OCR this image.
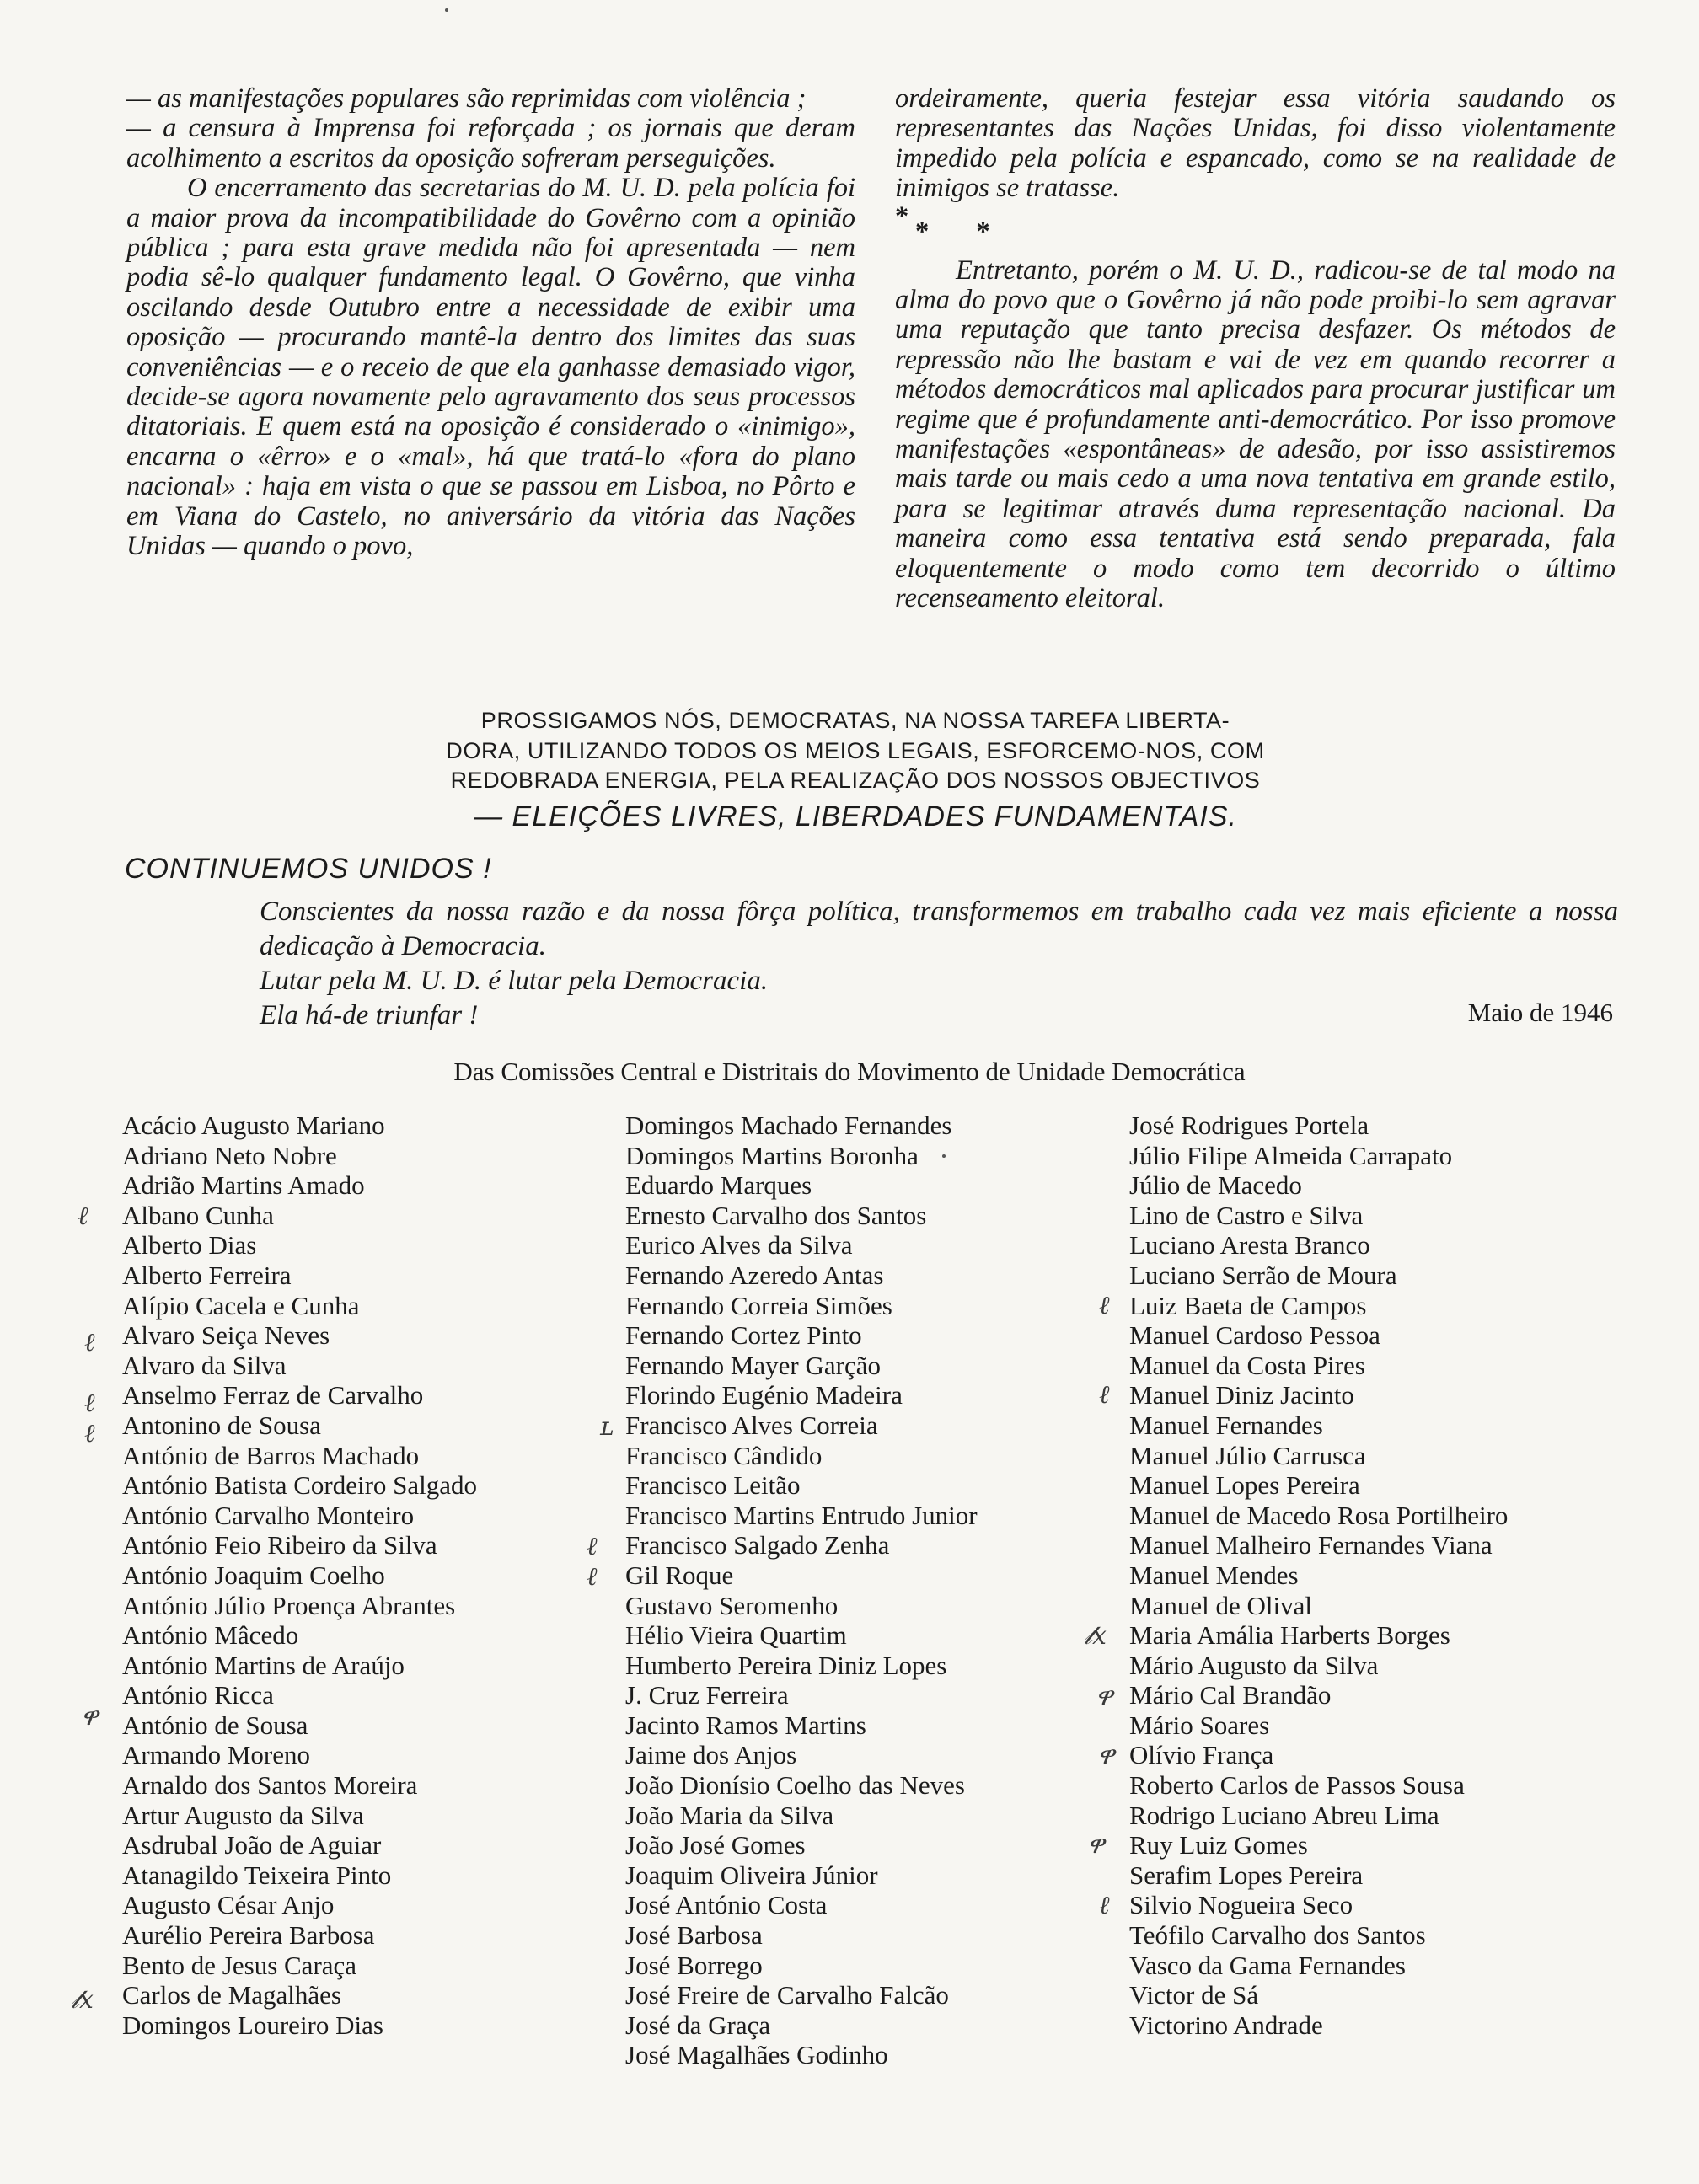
— as manifestações populares são reprimidas com violência ;

— a censura à Imprensa foi reforçada ; os jornais que deram acolhimento a escritos da oposição sofreram perseguições.

O encerramento das secretarias do M. U. D. pela polícia foi a maior prova da incompatibilidade do Govêrno com a opinião pública ; para esta grave medida não foi apresentada — nem podia sê-lo qualquer fundamento legal. O Govêrno, que vinha oscilando desde Outubro entre a necessidade de exibir uma oposição — procurando mantê-la dentro dos limites das suas conveniências — e o receio de que ela ganhasse demasiado vigor, decide-se agora novamente pelo agravamento dos seus processos ditatoriais. E quem está na oposição é considerado o «inimigo», encarna o «êrro» e o «mal», há que tratá-lo «fora do plano nacional» : haja em vista o que se passou em Lisboa, no Pôrto e em Viana do Castelo, no aniversário da vitória das Nações Unidas — quando o povo,

ordeiramente, queria festejar essa vitória saudando os representantes das Nações Unidas, foi disso violentamente impedido pela polícia e espancado, como se na realidade de inimigos se tratasse.

* * *

Entretanto, porém o M. U. D., radicou-se de tal modo na alma do povo que o Govêrno já não pode proibi-lo sem agravar uma reputação que tanto precisa desfazer. Os métodos de repressão não lhe bastam e vai de vez em quando recorrer a métodos democráticos mal aplicados para procurar justificar um regime que é profundamente anti-democrático. Por isso promove manifestações «espontâneas» de adesão, por isso assistiremos mais tarde ou mais cedo a uma nova tentativa em grande estilo, para se legitimar através duma representação nacional. Da maneira como essa tentativa está sendo preparada, fala eloquentemente o modo como tem decorrido o último recenseamento eleitoral.

PROSSIGAMOS NÓS, DEMOCRATAS, NA NOSSA TAREFA LIBERTA-
DORA, UTILIZANDO TODOS OS MEIOS LEGAIS, ESFORCEMO-NOS, COM
REDOBRADA ENERGIA, PELA REALIZAÇÃO DOS NOSSOS OBJECTIVOS
— ELEIÇÕES LIVRES, LIBERDADES FUNDAMENTAIS.
CONTINUEMOS UNIDOS !

Conscientes da nossa razão e da nossa fôrça política, transformemos em trabalho cada vez mais eficiente a nossa dedicação à Democracia.

Lutar pela M. U. D. é lutar pela Democracia.

Ela há-de triunfar !	Maio de 1946
Das Comissões Central e Distritais do Movimento de Unidade Democrática
Acácio Augusto Mariano
Adriano Neto Nobre
Adrião Martins Amado
Albano Cunha
Alberto Dias
Alberto Ferreira
Alípio Cacela e Cunha
Alvaro Seiça Neves
Alvaro da Silva
Anselmo Ferraz de Carvalho
Antonino de Sousa
António de Barros Machado
António Batista Cordeiro Salgado
António Carvalho Monteiro
António Feio Ribeiro da Silva
António Joaquim Coelho
António Júlio Proença Abrantes
António Mâcedo
António Martins de Araújo
António Ricca
António de Sousa
Armando Moreno
Arnaldo dos Santos Moreira
Artur Augusto da Silva
Asdrubal João de Aguiar
Atanagildo Teixeira Pinto
Augusto César Anjo
Aurélio Pereira Barbosa
Bento de Jesus Caraça
Carlos de Magalhães
Domingos Loureiro Dias
Domingos Machado Fernandes
Domingos Martins Boronha
Eduardo Marques
Ernesto Carvalho dos Santos
Eurico Alves da Silva
Fernando Azeredo Antas
Fernando Correia Simões
Fernando Cortez Pinto
Fernando Mayer Garção
Florindo Eugénio Madeira
Francisco Alves Correia
Francisco Cândido
Francisco Leitão
Francisco Martins Entrudo Junior
Francisco Salgado Zenha
Gil Roque
Gustavo Seromenho
Hélio Vieira Quartim
Humberto Pereira Diniz Lopes
J. Cruz Ferreira
Jacinto Ramos Martins
Jaime dos Anjos
João Dionísio Coelho das Neves
João Maria da Silva
João José Gomes
Joaquim Oliveira Júnior
José António Costa
José Barbosa
José Borrego
José Freire de Carvalho Falcão
José da Graça
José Magalhães Godinho
José Rodrigues Portela
Júlio Filipe Almeida Carrapato
Júlio de Macedo
Lino de Castro e Silva
Luciano Aresta Branco
Luciano Serrão de Moura
Luiz Baeta de Campos
Manuel Cardoso Pessoa
Manuel da Costa Pires
Manuel Diniz Jacinto
Manuel Fernandes
Manuel Júlio Carrusca
Manuel Lopes Pereira
Manuel de Macedo Rosa Portilheiro
Manuel Malheiro Fernandes Viana
Manuel Mendes
Manuel de Olival
Maria Amália Harberts Borges
Mário Augusto da Silva
Mário Cal Brandão
Mário Soares
Olívio França
Roberto Carlos de Passos Sousa
Rodrigo Luciano Abreu Lima
Ruy Luiz Gomes
Serafim Lopes Pereira
Silvio Nogueira Seco
Teófilo Carvalho dos Santos
Vasco da Gama Fernandes
Victor de Sá
Victorino Andrade
ℓ
ℓ
ℓ
ℓ
ዋ
𝓁x
ʟ
ℓ
ℓ
ℓ
ℓ
𝓁x
ዋ
ዋ
ዋ
ℓ
